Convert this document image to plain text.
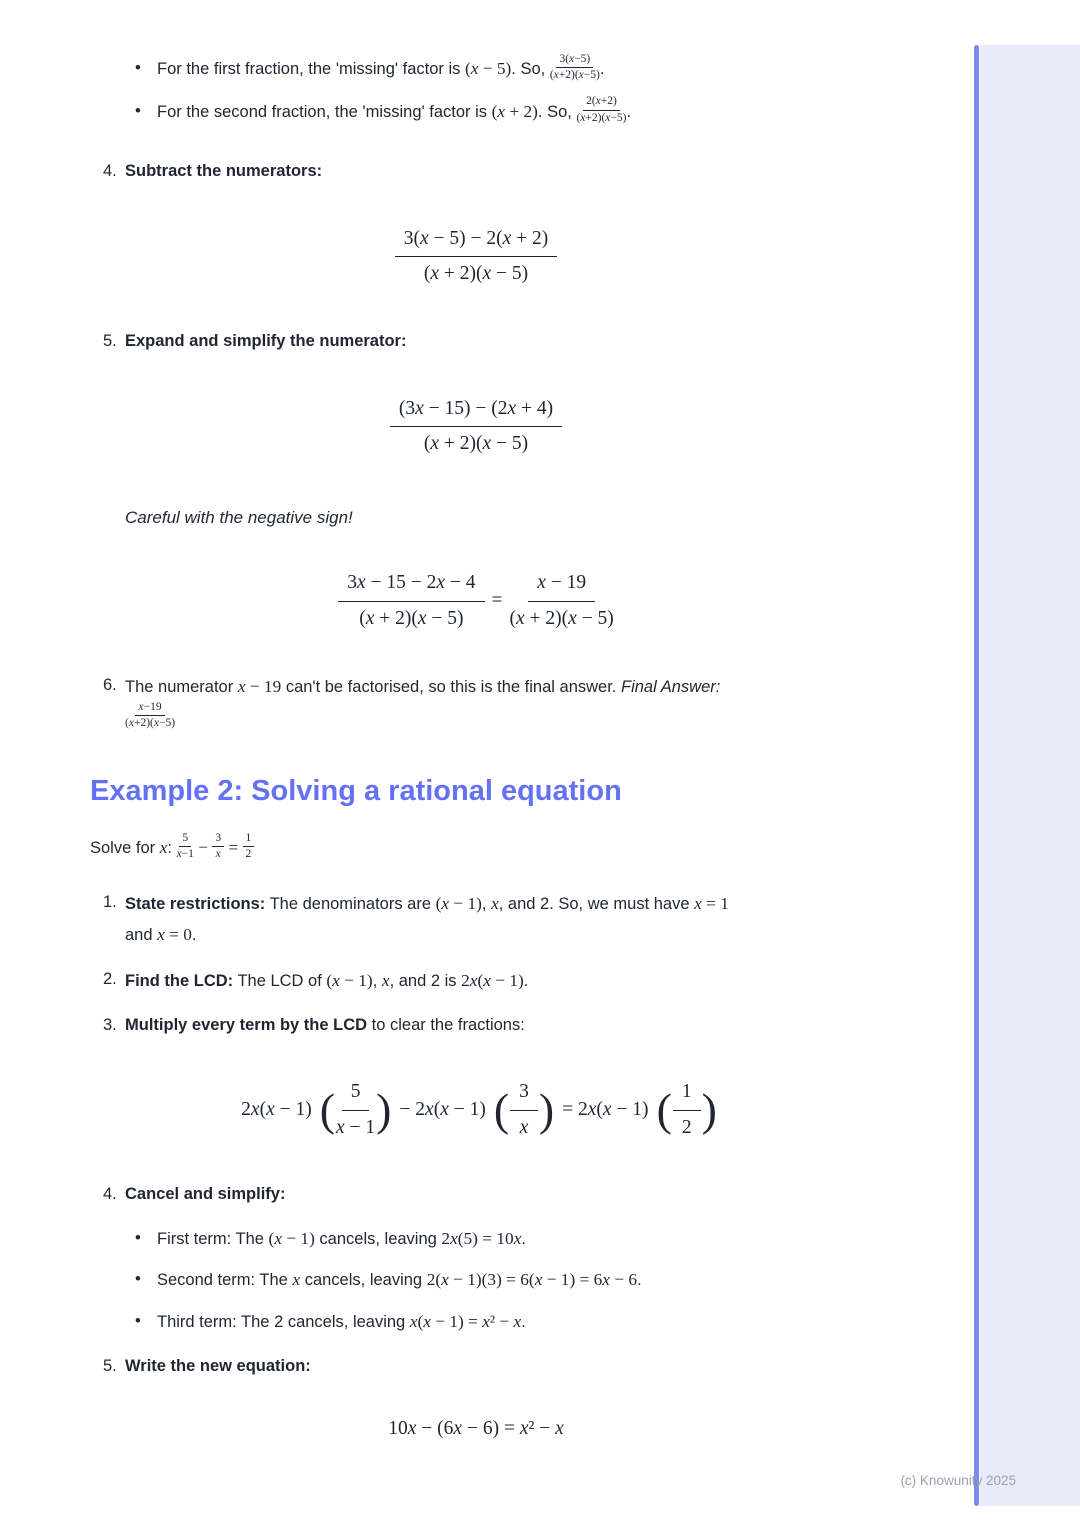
• For the first fraction, the 'missing' factor is (x − 5). So, $\frac{3(x-5)}{(x+2)(x-5)}$ .
• For the second fraction, the 'missing' factor is (x + 2). So, $\frac{2(x+2)}{(x+2)(x-5)}$ .
4. Subtract the numerators:
$\frac{3(x - 5) - 2(x + 2)}{(x + 2)(x - 5)}$
5. Expand and simplify the numerator:
$\frac{(3x - 15) - (2x + 4)}{(x + 2)(x - 5)}$
Careful with the negative sign!
$\frac{3x - 15 - 2x - 4}{(x + 2)(x - 5)} = \frac{x - 19}{(x + 2)(x - 5)}$
6. The numerator x − 19 can't be factorised, so this is the final answer. Final Answer:
$\frac{x-19}{(x+2)(x-5)}$
Example 2: Solving a rational equation
Solve for x: $\frac{5}{x-1} - \frac{3}{x} = \frac{1}{2}$
1. State restrictions: The denominators are (x − 1), x, and 2. So, we must have x = 1 and x = 0.
2. Find the LCD: The LCD of (x − 1), x, and 2 is 2x(x − 1).
3. Multiply every term by the LCD to clear the fractions:
2x(x − 1) ( $\frac{5}{x - 1}$ ) − 2x(x − 1) ( $\frac{3}{x}$ ) = 2x(x − 1) ( $\frac{1}{2}$ )
4. Cancel and simplify:
• First term: The (x − 1) cancels, leaving 2x(5) = 10x.
• Second term: The x cancels, leaving 2(x − 1)(3) = 6(x − 1) = 6x − 6.
• Third term: The 2 cancels, leaving x(x − 1) = x² − x.
5. Write the new equation:
10x − (6x − 6) = x² − x
(c) Knowunity 2025
